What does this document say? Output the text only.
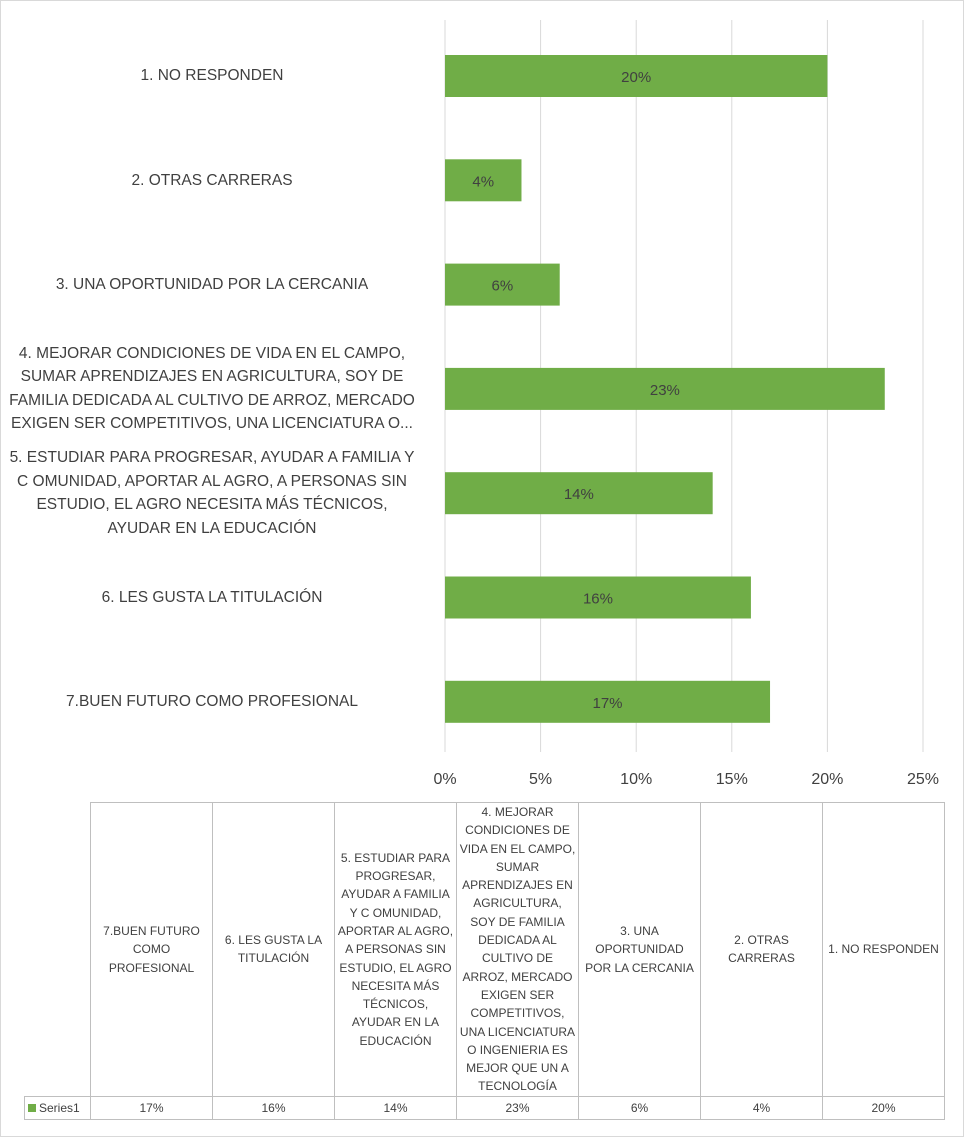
0%	5%	10%	15%	20%	25%
20%
4%
6%
23%
14%
16%
17%
1. NO RESPONDEN
2. OTRAS CARRERAS
3. UNA OPORTUNIDAD POR LA CERCANIA
4. MEJORAR CONDICIONES DE VIDA EN EL CAMPO,
SUMAR APRENDIZAJES EN AGRICULTURA, SOY DE
FAMILIA DEDICADA AL CULTIVO DE ARROZ, MERCADO
EXIGEN SER COMPETITIVOS, UNA LICENCIATURA O...
5. ESTUDIAR PARA PROGRESAR, AYUDAR A FAMILIA Y
C OMUNIDAD, APORTAR AL AGRO, A PERSONAS SIN
ESTUDIO, EL AGRO NECESITA MÁS TÉCNICOS,
AYUDAR EN LA EDUCACIÓN
6. LES GUSTA LA TITULACIÓN
7.BUEN FUTURO COMO PROFESIONAL
	7.BUEN FUTURO COMO PROFESIONAL	6. LES GUSTA LA TITULACIÓN	5. ESTUDIAR PARA PROGRESAR, AYUDAR A FAMILIA Y C OMUNIDAD, APORTAR AL AGRO, A PERSONAS SIN ESTUDIO, EL AGRO NECESITA MÁS TÉCNICOS, AYUDAR EN LA EDUCACIÓN	4. MEJORAR CONDICIONES DE VIDA EN EL CAMPO, SUMAR APRENDIZAJES EN AGRICULTURA, SOY DE FAMILIA DEDICADA AL CULTIVO DE ARROZ, MERCADO EXIGEN SER COMPETITIVOS, UNA LICENCIATURA O INGENIERIA ES MEJOR QUE UN A TECNOLOGÍA	3. UNA OPORTUNIDAD POR LA CERCANIA	2. OTRAS CARRERAS	1. NO RESPONDEN
Series1	17%	16%	14%	23%	6%	4%	20%
